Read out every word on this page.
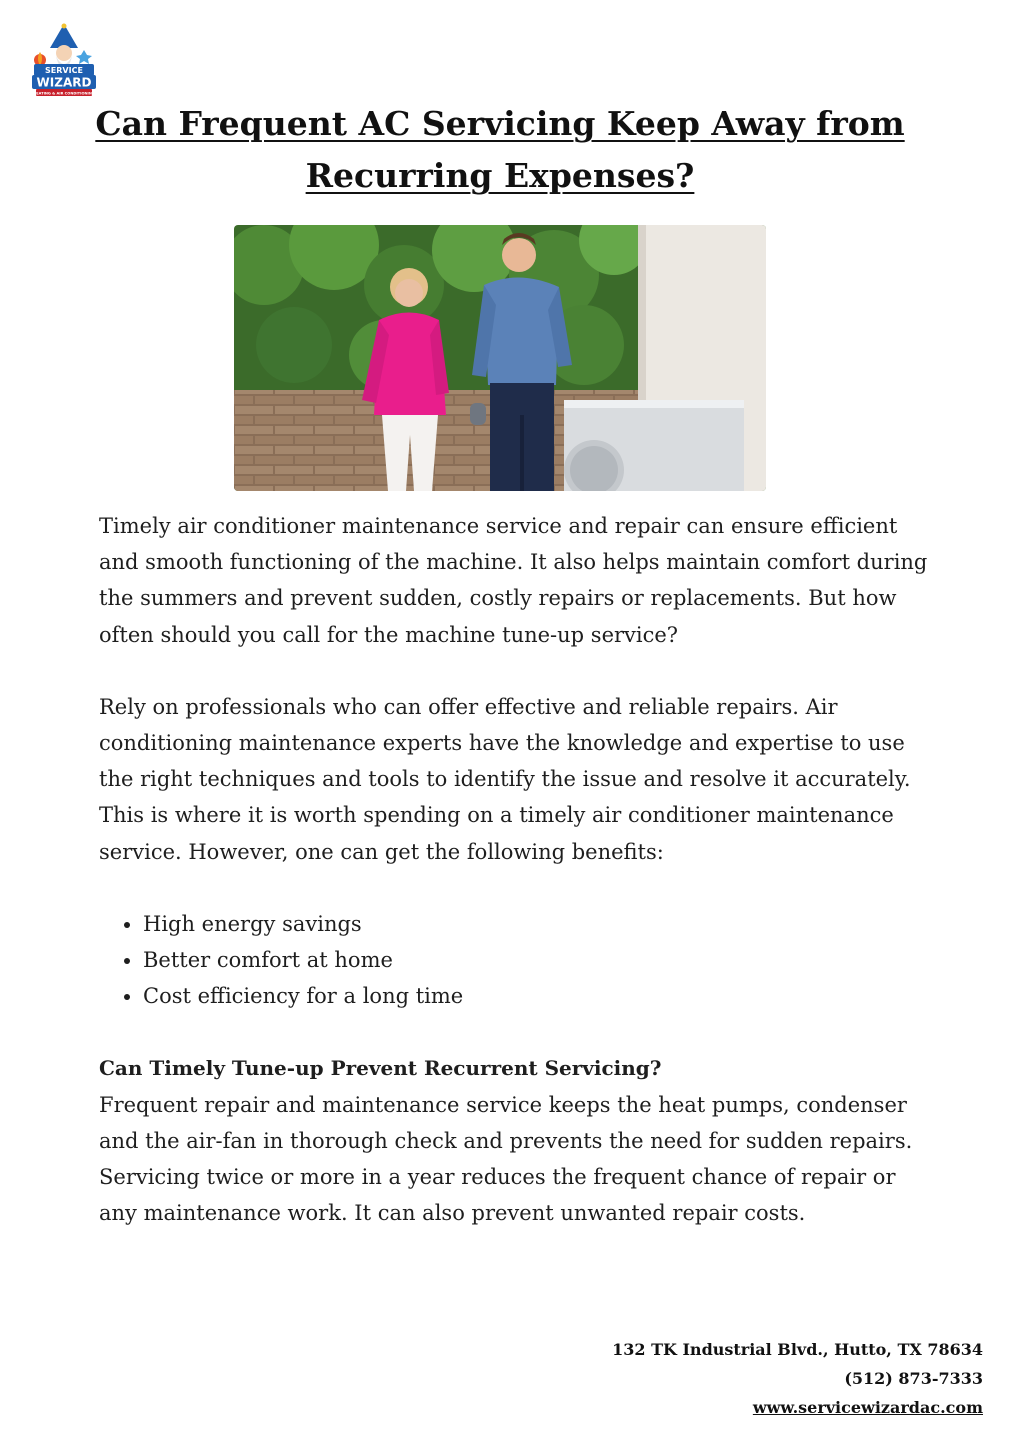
SERVICE
WIZARD
HEATING & AIR CONDITIONING
Can Frequent AC Servicing Keep Away from Recurring Expenses?

Timely air conditioner maintenance service and repair can ensure efficient and smooth functioning of the machine. It also helps maintain comfort during the summers and prevent sudden, costly repairs or replacements. But how often should you call for the machine tune-up service?

Rely on professionals who can offer effective and reliable repairs. Air conditioning maintenance experts have the knowledge and expertise to use the right techniques and tools to identify the issue and resolve it accurately. This is where it is worth spending on a timely air conditioner maintenance service. However, one can get the following benefits:

• High energy savings
• Better comfort at home
• Cost efficiency for a long time

Can Timely Tune-up Prevent Recurrent Servicing?

Frequent repair and maintenance service keeps the heat pumps, condenser and the air-fan in thorough check and prevents the need for sudden repairs. Servicing twice or more in a year reduces the frequent chance of repair or any maintenance work. It can also prevent unwanted repair costs.

132 TK Industrial Blvd., Hutto, TX 78634
(512) 873-7333
www.servicewizardac.com
